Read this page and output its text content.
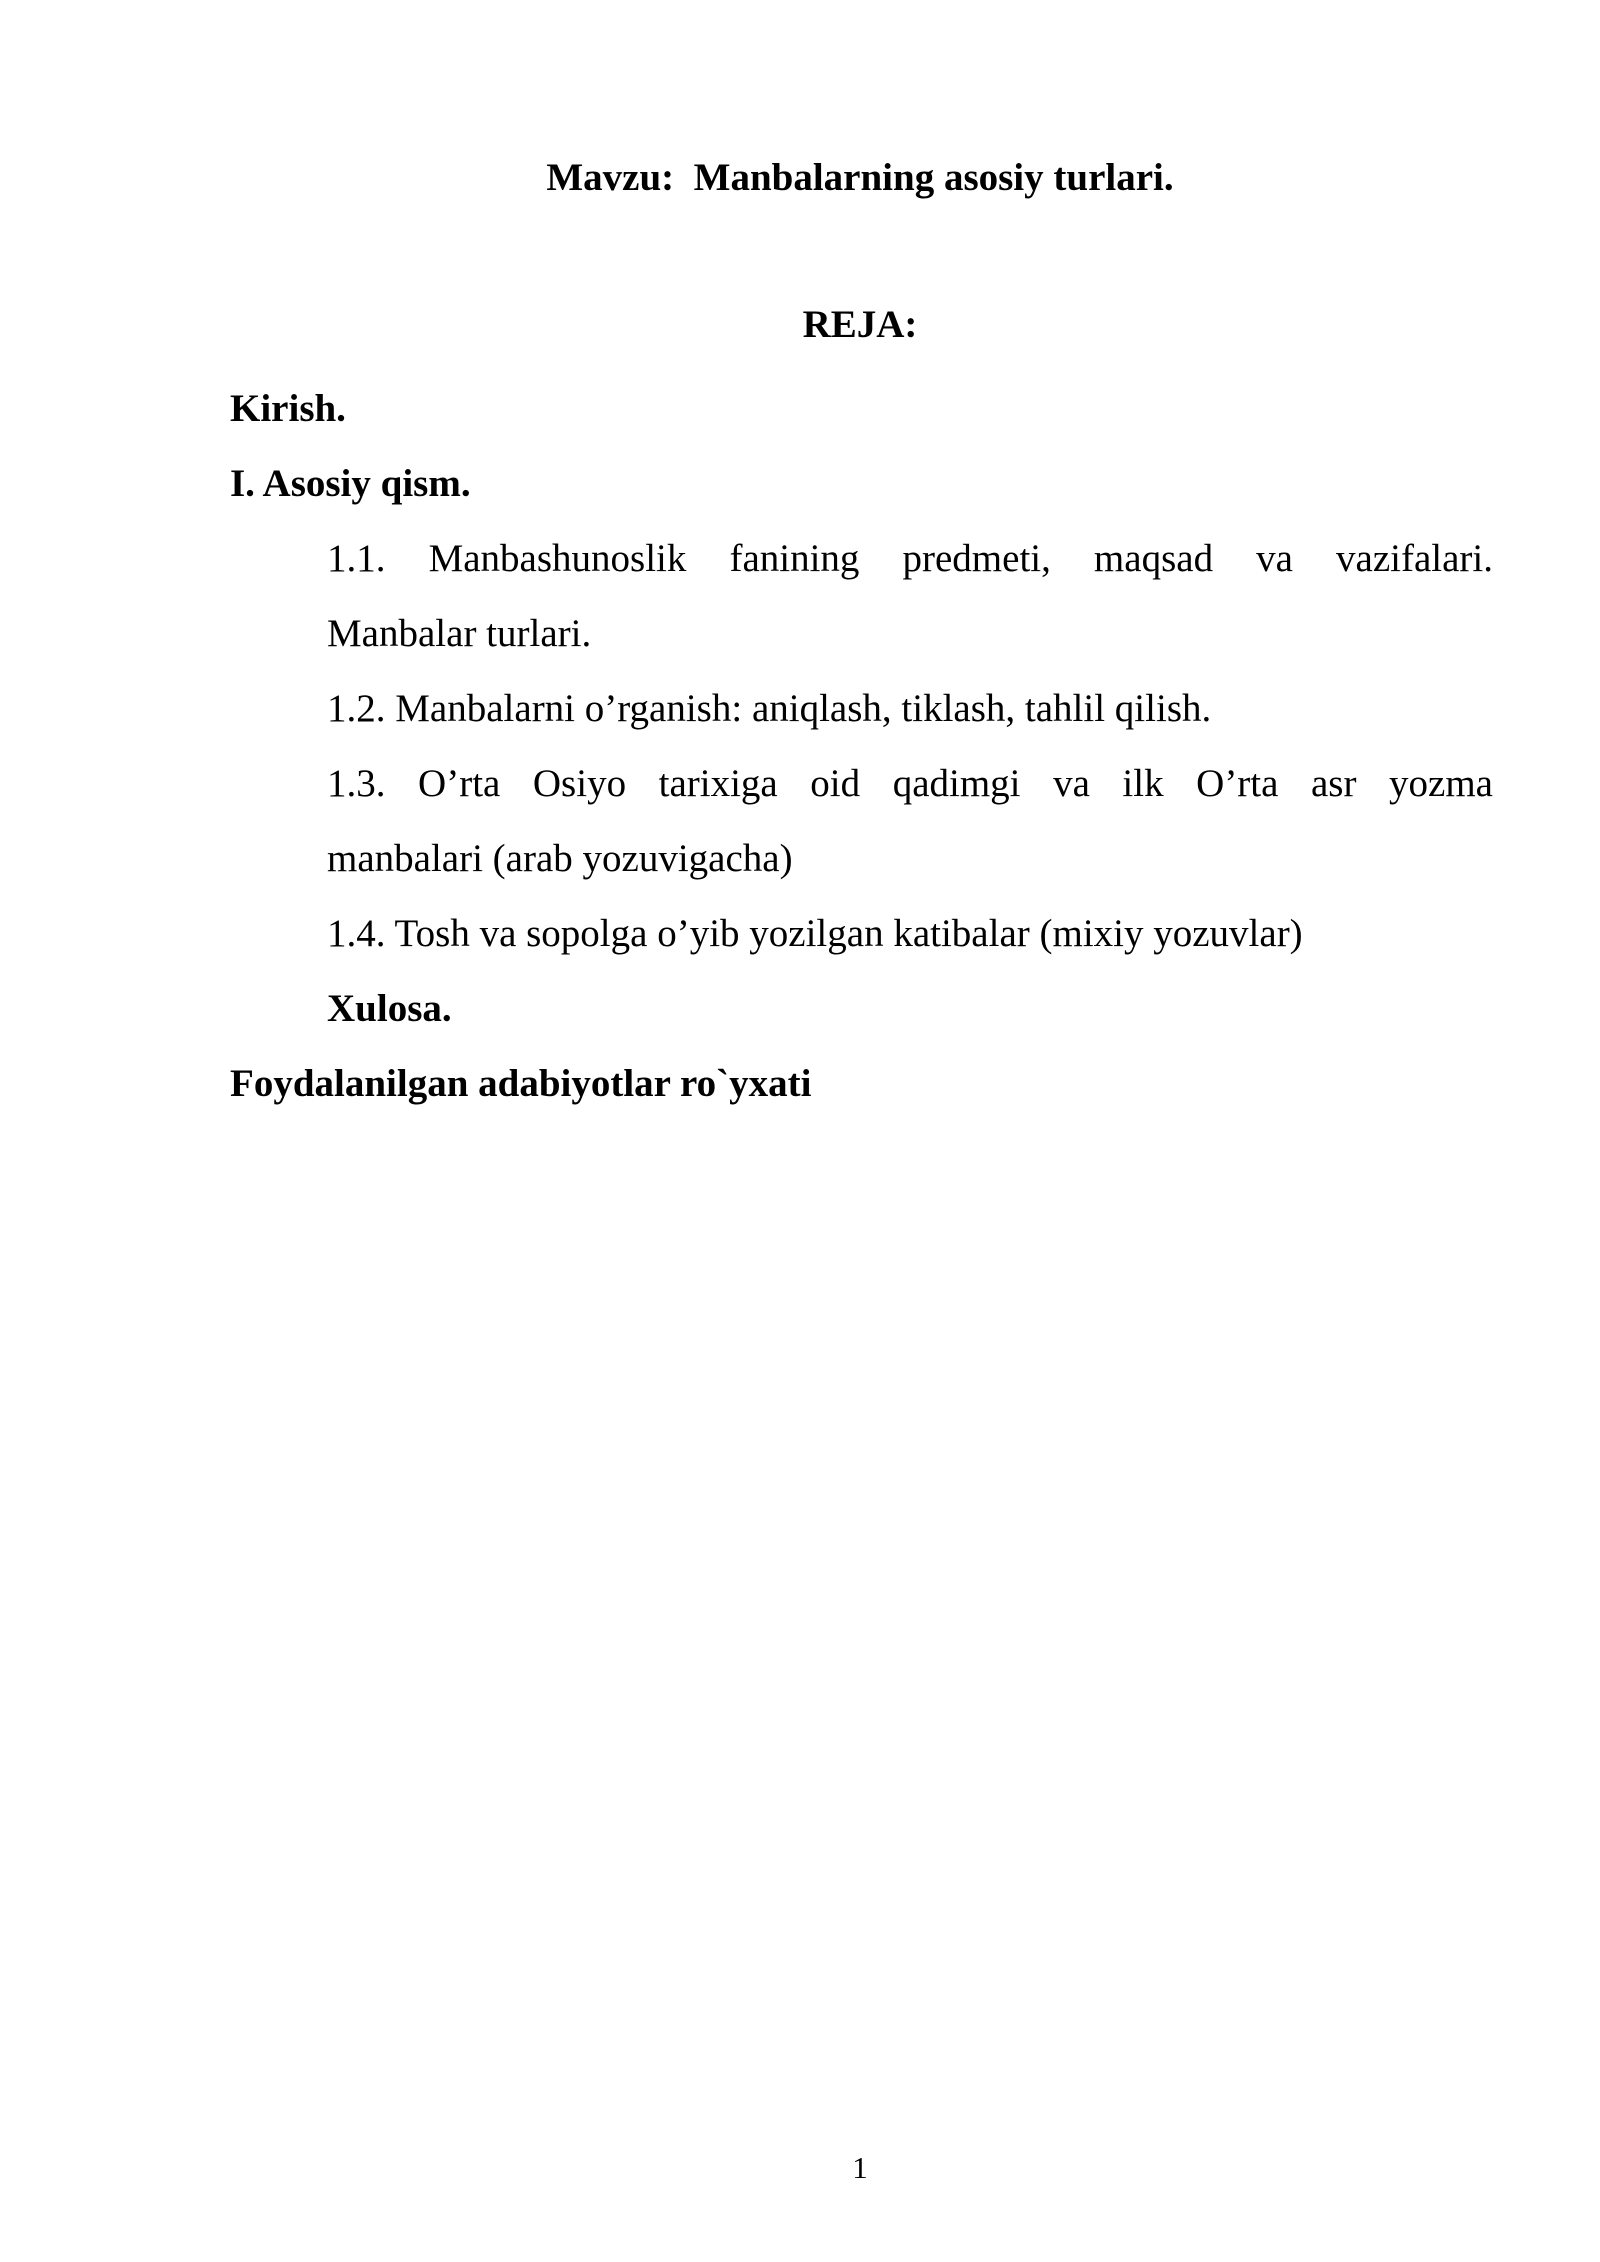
Mavzu:  Manbalarning asosiy turlari.
REJA:
Kirish.
I. Asosiy qism.
1.1. Manbashunoslik fanining predmeti, maqsad va vazifalari.
Manbalar turlari.
1.2. Manbalarni o’rganish: aniqlash, tiklash, tahlil qilish.
1.3. O’rta Osiyo tarixiga oid qadimgi va ilk O’rta asr yozma
manbalari (arab yozuvigacha)
1.4. Tosh va sopolga o’yib yozilgan katibalar (mixiy yozuvlar)
Xulosa.
Foydalanilgan adabiyotlar ro`yxati
1
